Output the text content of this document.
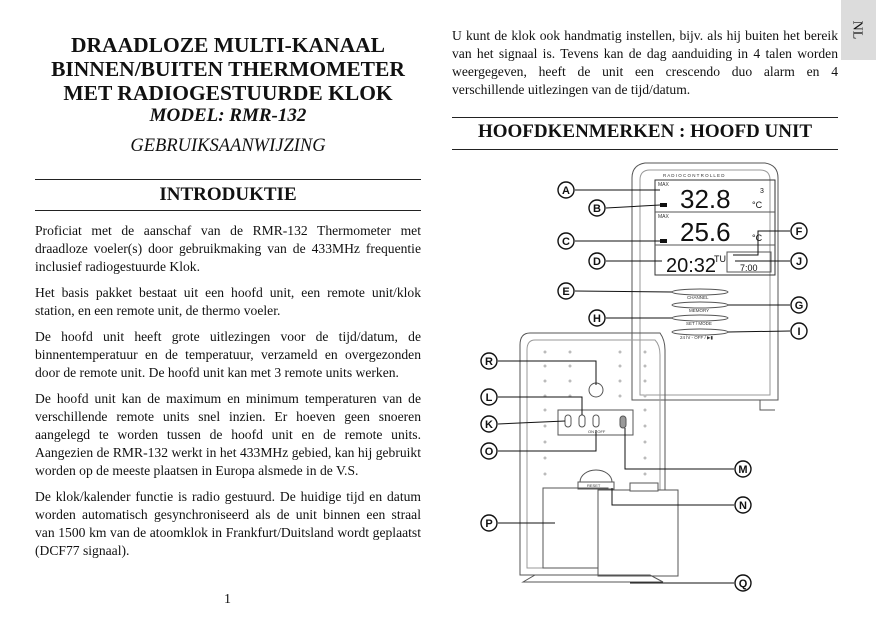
NL
DRAADLOZE MULTI-KANAAL
BINNEN/BUITEN THERMOMETER
MET RADIOGESTUURDE KLOK
MODEL: RMR-132
GEBRUIKSAANWIJZING
INTRODUKTIE

Proficiat met de aanschaf van de RMR-132 Thermometer met draadloze voeler(s) door gebruikmaking van de 433MHz frequentie inclusief radiogestuurde Klok.

Het basis pakket bestaat uit een hoofd unit, een remote unit/klok station, en een remote unit, de thermo voeler.

De hoofd unit heeft grote uitlezingen voor de tijd/datum, de binnentemperatuur en de temperatuur, verzameld en overgezonden door de remote unit. De hoofd unit kan met 3 remote units werken.

De hoofd unit kan de maximum en minimum temperaturen van de verschillende remote units snel inzien. Er hoeven geen snoeren aangelegd te worden tussen de hoofd unit en de remote units. Aangezien de RMR-132 werkt in het 433MHz gebied, kan hij gebruikt worden op de meeste plaatsen in Europa alsmede in de V.S.

De klok/kalender functie is radio gestuurd. De huidige tijd en datum worden automatisch gesynchroniseerd als de unit binnen een straal van 1500 km van de atoomklok in Frankfurt/Duitsland wordt geplaatst (DCF77 signaal).

1
U kunt de klok ook handmatig instellen, bijv. als hij buiten het bereik van het signaal is. Tevens kan de dag aanduiding in 4 talen worden weergegeven, heeft de unit een crescendo duo alarm en 4 verschillende uitlezingen van de tijd/datum.
HOOFDKENMERKEN : HOOFD UNIT
R A D I O C O N T R O L L E D
MAX
MAX
32.8 °C
3
25.6 °C
20:32
TU
7:00
CHANNEL
MEMORY
SET / MODE
24 hr - OFF / ▶▮
ON / OFF
RESET
A
B
C
D
E
F
G
H
I
J
K
L
M
N
O
P
Q
R
